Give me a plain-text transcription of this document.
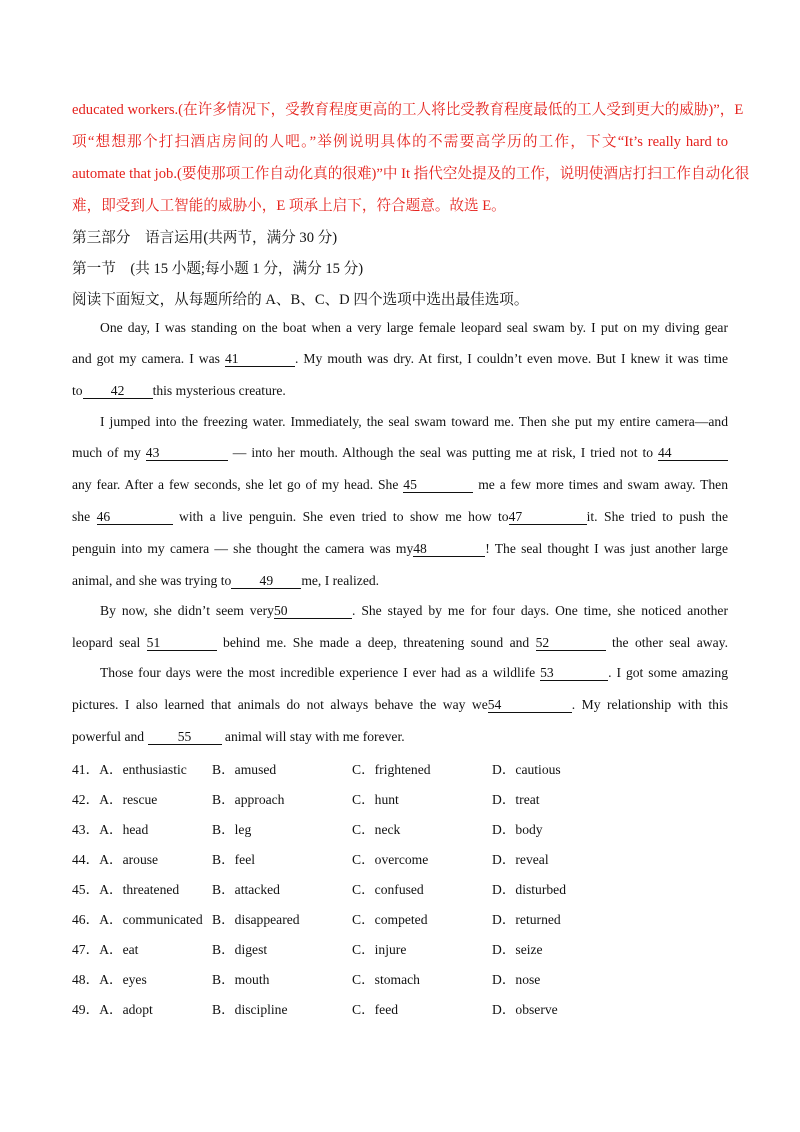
educated workers.(在许多情况下，受教育程度更高的工人将比受教育程度最低的工人受到更大的威胁)”，E
项“想想那个打扫酒店房间的人吧。”举例说明具体的不需要高学历的工作，下文“It’s really hard to
automate that job.(要使那项工作自动化真的很难)”中 It 指代空处提及的工作，说明使酒店打扫工作自动化很
难，即受到人工智能的威胁小，E 项承上启下，符合题意。故选 E。
第三部分　语言运用(共两节，满分 30 分)
第一节　(共 15 小题;每小题 1 分，满分 15 分)
阅读下面短文，从每题所给的 A、B、C、D 四个选项中选出最佳选项。
One day, I was standing on the boat when a very large female leopard seal swam by. I put on my diving gear
and got my camera. I was 41	. My mouth was dry. At first, I couldn’t even move. But I knew it was time
to 42 this mysterious creature.
I jumped into the freezing water. Immediately, the seal swam toward me. Then she put my entire camera—and
much of my 43	— into her mouth. Although the seal was putting me at risk, I tried not to 44
any fear. After a few seconds, she let go of my head. She 45	me a few more times and swam away. Then
she 46	with a live penguin. She even tried to show me how to47	it. She tried to push the
penguin into my camera — she thought the camera was my48	! The seal thought I was just another large
animal, and she was trying to 49 me, I realized.
By now, she didn’t seem very50	. She stayed by me for four days. One time, she noticed another
leopard seal 51	behind me. She made a deep, threatening sound and 52	the other seal away.
Those four days were the most incredible experience I ever had as a wildlife 53	. I got some amazing
pictures. I also learned that animals do not always behave the way we54	. My relationship with this
powerful and 55 animal will stay with me forever.
41．A．enthusiastic B．amused	C．frightened	D．cautious
42．A．rescue	B．approach	C．hunt	D．treat
43．A．head	B．leg	C．neck	D．body
44．A．arouse	B．feel	C．overcome	D．reveal
45．A．threatened B．attacked	C．confused	D．disturbed
46．A．communicated B．disappeared	C．competed	D．returned
47．A．eat	B．digest	C．injure	D．seize
48．A．eyes	B．mouth	C．stomach	D．nose
49．A．adopt	B．discipline	C．feed	D．observe
